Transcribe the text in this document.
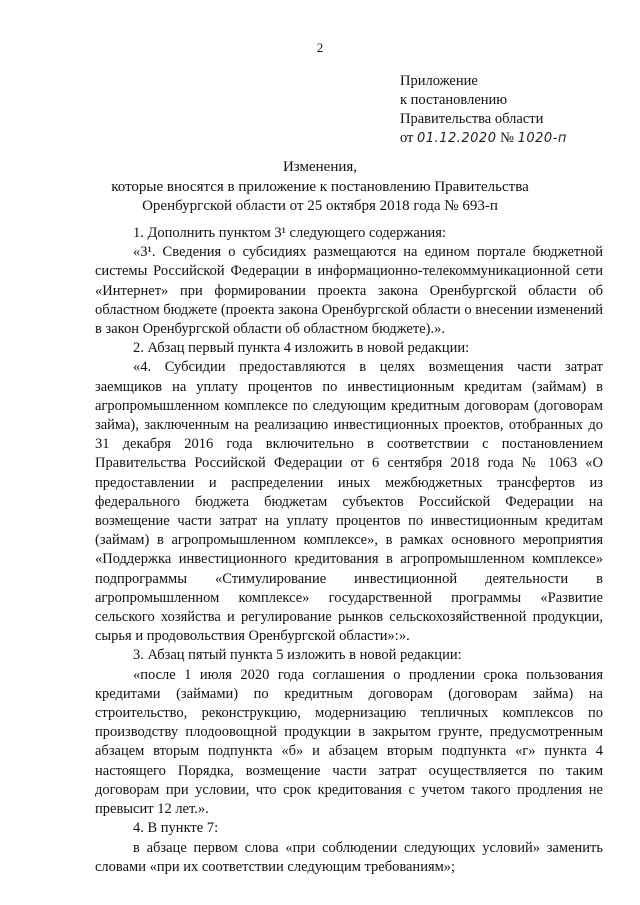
2
Приложение
к постановлению
Правительства области
от 01.12.2020 № 1020-п
Изменения,
которые вносятся в приложение к постановлению Правительства
Оренбургской области от 25 октября 2018 года № 693-п

1. Дополнить пунктом 3¹ следующего содержания:

«3¹. Сведения о субсидиях размещаются на едином портале бюджетной системы Российской Федерации в информационно-телекоммуникационной сети «Интернет» при формировании проекта закона Оренбургской области об областном бюджете (проекта закона Оренбургской области о внесении изменений в закон Оренбургской области об областном бюджете).».

2. Абзац первый пункта 4 изложить в новой редакции:

«4. Субсидии предоставляются в целях возмещения части затрат заемщиков на уплату процентов по инвестиционным кредитам (займам) в агропромышленном комплексе по следующим кредитным договорам (договорам займа), заключенным на реализацию инвестиционных проектов, отобранных до 31 декабря 2016 года включительно в соответствии с постановлением Правительства Российской Федерации от 6 сентября 2018 года № 1063 «О предоставлении и распределении иных межбюджетных трансфертов из федерального бюджета бюджетам субъектов Российской Федерации на возмещение части затрат на уплату процентов по инвестиционным кредитам (займам) в агропромышленном комплексе», в рамках основного мероприятия «Поддержка инвестиционного кредитования в агропромышленном комплексе» подпрограммы «Стимулирование инвестиционной деятельности в агропромышленном комплексе» государственной программы «Развитие сельского хозяйства и регулирование рынков сельскохозяйственной продукции, сырья и продовольствия Оренбургской области»:».

3. Абзац пятый пункта 5 изложить в новой редакции:

«после 1 июля 2020 года соглашения о продлении срока пользования кредитами (займами) по кредитным договорам (договорам займа) на строительство, реконструкцию, модернизацию тепличных комплексов по производству плодоовощной продукции в закрытом грунте, предусмотренным абзацем вторым подпункта «б» и абзацем вторым подпункта «г» пункта 4 настоящего Порядка, возмещение части затрат осуществляется по таким договорам при условии, что срок кредитования с учетом такого продления не превысит 12 лет.».

4. В пункте 7:

в абзаце первом слова «при соблюдении следующих условий» заменить словами «при их соответствии следующим требованиям»;
